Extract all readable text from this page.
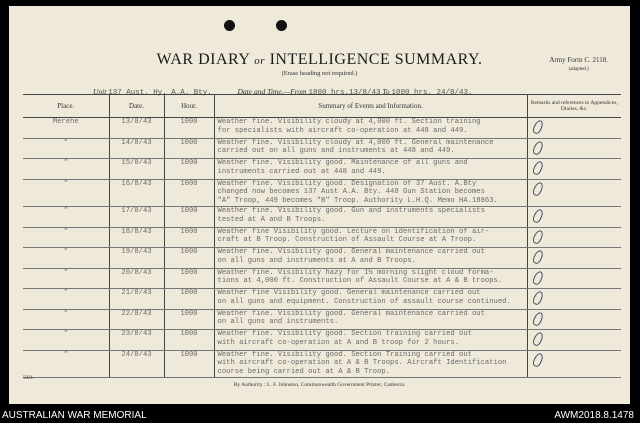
WAR DIARY or INTELLIGENCE SUMMARY.
(Erase heading not required.)
Army Form C. 2118.
(adapted.)
Unit 137 Aust. Hy. A.A. Bty.	Date and Time.—From 1800 hrs.13/8/43 To 1000 hrs. 24/8/43.
Place.	Date.	Hour.	Summary of Events and Information.	Remarks and references to Appendices, Diaries, &c.
Merehe	13/8/43	1000	Weather fine. Visibility cloudy at 4,000 ft. Section training
for specialists with aircraft co-operation at 448 and 449.	
"	14/8/43	1000	Weather fine. Visibility cloudy at 4,000 ft. General maintenance
carried out on all guns and instruments at 448 and 449.	
"	15/8/43	1000	Weather fine. Visibility good. Maintenance of all guns and
instruments carried out at 448 and 449.	
"	16/8/43	1000	Weather fine. Visibility good. Designation of 37 Aust. A.Bty
changed now becomes 137 Aust A.A. Bty. 448 Gun Station becomes
"A" Troop, 449 becomes "B" Troop. Authority L.H.Q. Memo HA.18863.	
"	17/8/43	1000	Weather fine. Visibility good. Gun and instruments specialists
tested at A and B Troops.	
"	18/8/43	1000	Weather fine Visibility good. Lecture on identification of air-
craft at B Troop. Construction of Assault Course at A Troop.	
"	19/8/43	1000	Weather fine. Visibility good. General maintenance carried out
on all guns and instruments at A and B Troops.	
"	20/8/43	1000	Weather fine. Visibility hazy for 1½ morning slight cloud forma-
tions at 4,000 ft. Construction of Assault Course at A & B troops.	
"	21/8/43	1000	Weather fine Visibility good. General maintenance carried out
on all guns and equipment. Construction of assault course continued.	
"	22/8/43	1000	Weather fine. Visibility good. General maintenance carried out
on all guns and instruments.	
"	23/8/43	1000	Weather fine. Visibility good. Section training carried out
with aircraft co-operation at A and B troop for 2 hours.	
"	24/8/43	1000	Weather fine. Visibility good. Section Training carried out
with aircraft co-operation at A & B Troops. Aircraft Identification
course being carried out at A & B Troop.	
5021.
By Authority : L. F. Johnston, Commonwealth Government Printer, Canberra.
AUSTRALIAN WAR MEMORIAL	AWM2018.8.1478
